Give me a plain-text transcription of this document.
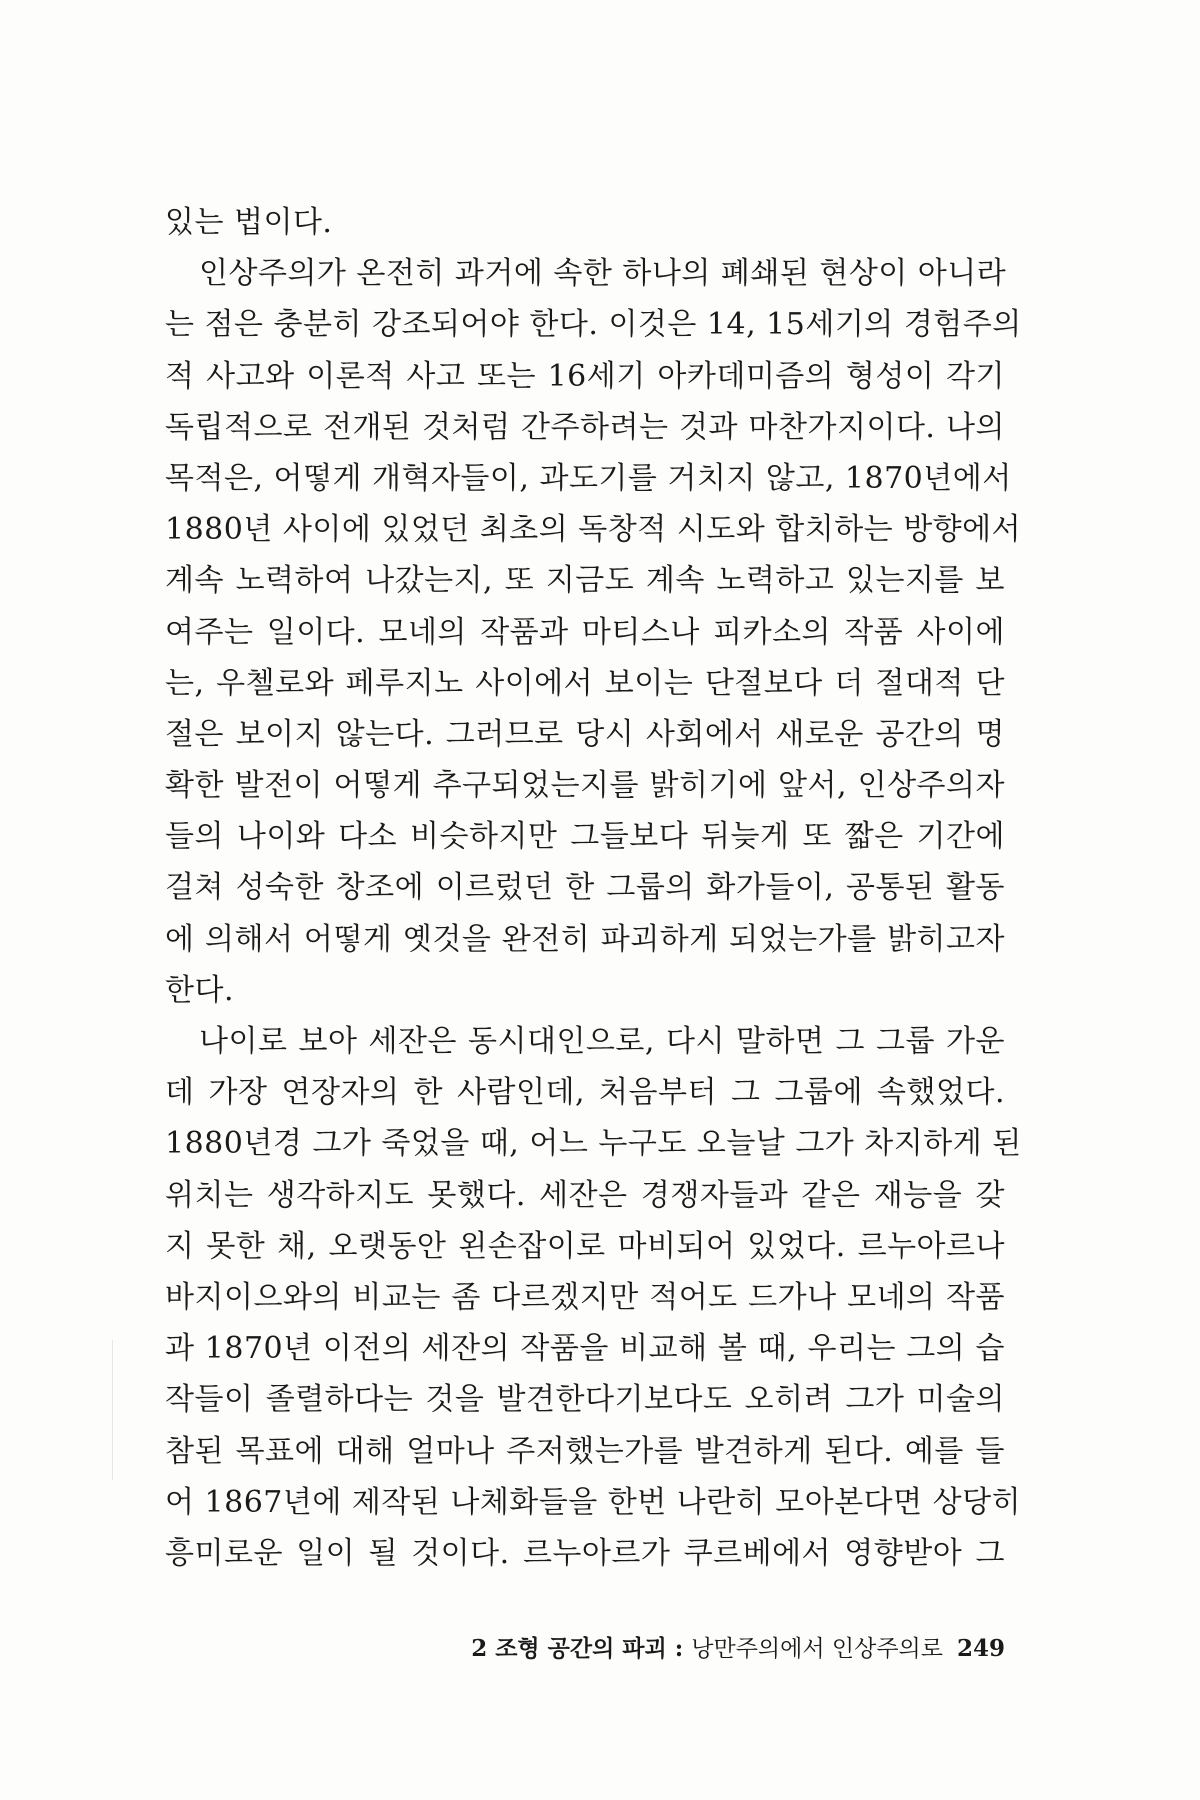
있는 법이다.
인상주의가 온전히 과거에 속한 하나의 폐쇄된 현상이 아니라
는 점은 충분히 강조되어야 한다. 이것은 14, 15세기의 경험주의
적 사고와 이론적 사고 또는 16세기 아카데미즘의 형성이 각기
독립적으로 전개된 것처럼 간주하려는 것과 마찬가지이다. 나의
목적은, 어떻게 개혁자들이, 과도기를 거치지 않고, 1870년에서
1880년 사이에 있었던 최초의 독창적 시도와 합치하는 방향에서
계속 노력하여 나갔는지, 또 지금도 계속 노력하고 있는지를 보
여주는 일이다. 모네의 작품과 마티스나 피카소의 작품 사이에
는, 우첼로와 페루지노 사이에서 보이는 단절보다 더 절대적 단
절은 보이지 않는다. 그러므로 당시 사회에서 새로운 공간의 명
확한 발전이 어떻게 추구되었는지를 밝히기에 앞서, 인상주의자
들의 나이와 다소 비슷하지만 그들보다 뒤늦게 또 짧은 기간에
걸쳐 성숙한 창조에 이르렀던 한 그룹의 화가들이, 공통된 활동
에 의해서 어떻게 옛것을 완전히 파괴하게 되었는가를 밝히고자
한다.
나이로 보아 세잔은 동시대인으로, 다시 말하면 그 그룹 가운
데 가장 연장자의 한 사람인데, 처음부터 그 그룹에 속했었다.
1880년경 그가 죽었을 때, 어느 누구도 오늘날 그가 차지하게 된
위치는 생각하지도 못했다. 세잔은 경쟁자들과 같은 재능을 갖
지 못한 채, 오랫동안 왼손잡이로 마비되어 있었다. 르누아르나
바지이으와의 비교는 좀 다르겠지만 적어도 드가나 모네의 작품
과 1870년 이전의 세잔의 작품을 비교해 볼 때, 우리는 그의 습
작들이 졸렬하다는 것을 발견한다기보다도 오히려 그가 미술의
참된 목표에 대해 얼마나 주저했는가를 발견하게 된다. 예를 들
어 1867년에 제작된 나체화들을 한번 나란히 모아본다면 상당히
흥미로운 일이 될 것이다. 르누아르가 쿠르베에서 영향받아 그
2 조형 공간의 파괴 : 낭만주의에서 인상주의로 249
